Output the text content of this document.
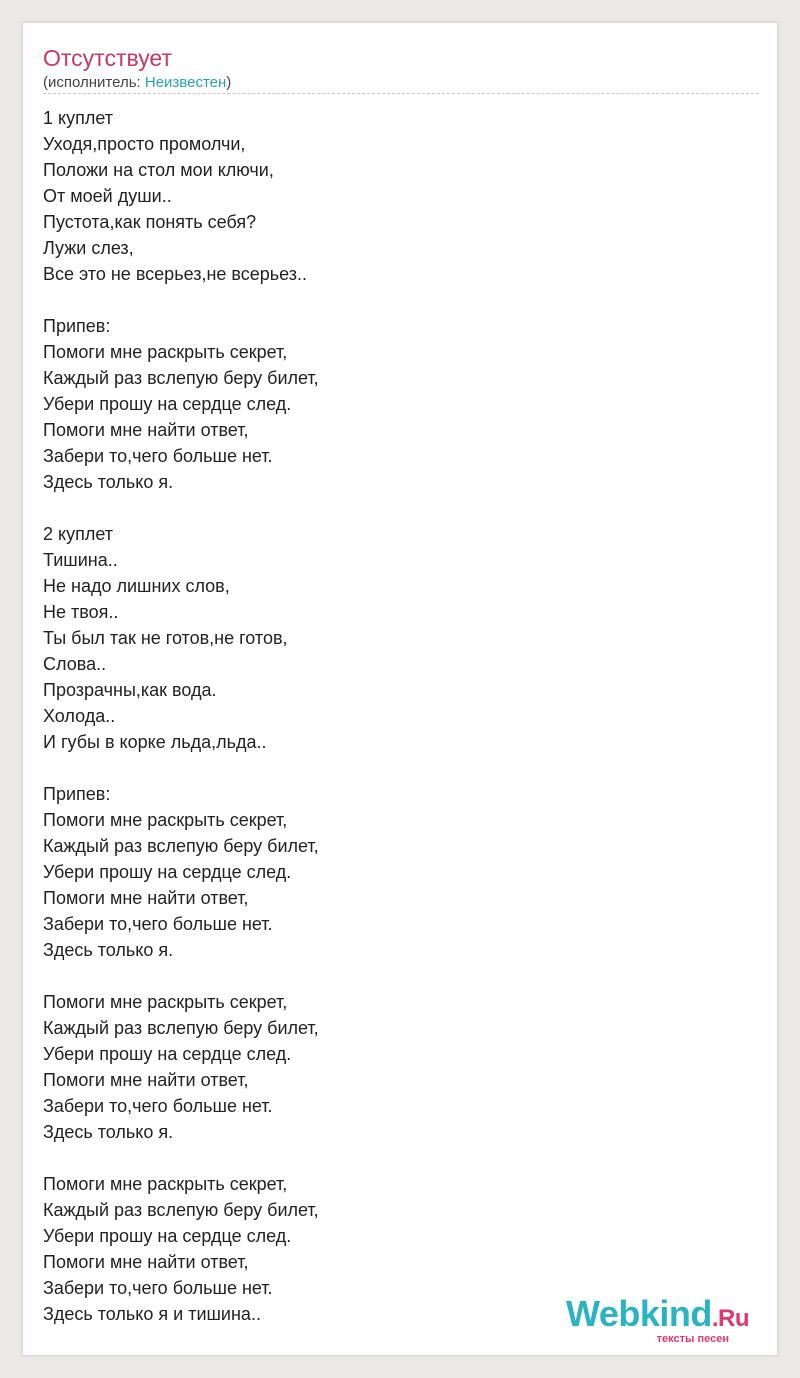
Отсутствует
(исполнитель: Неизвестен)
1 куплет
Уходя,просто промолчи,
Положи на стол мои ключи,
От моей души..
Пустота,как понять себя?
Лужи слез,
Все это не всерьез,не всерьез..
Припев:
Помоги мне раскрыть секрет,
Каждый раз вслепую беру билет,
Убери прошу на сердце след.
Помоги мне найти ответ,
Забери то,чего больше нет.
Здесь только я.
2 куплет
Тишина..
Не надо лишних слов,
Не твоя..
Ты был так не готов,не готов,
Слова..
Прозрачны,как вода.
Холода..
И губы в корке льда,льда..
Припев:
Помоги мне раскрыть секрет,
Каждый раз вслепую беру билет,
Убери прошу на сердце след.
Помоги мне найти ответ,
Забери то,чего больше нет.
Здесь только я.
Помоги мне раскрыть секрет,
Каждый раз вслепую беру билет,
Убери прошу на сердце след.
Помоги мне найти ответ,
Забери то,чего больше нет.
Здесь только я.
Помоги мне раскрыть секрет,
Каждый раз вслепую беру билет,
Убери прошу на сердце след.
Помоги мне найти ответ,
Забери то,чего больше нет.
Здесь только я и тишина..	Webkind.Ru
тексты песен
